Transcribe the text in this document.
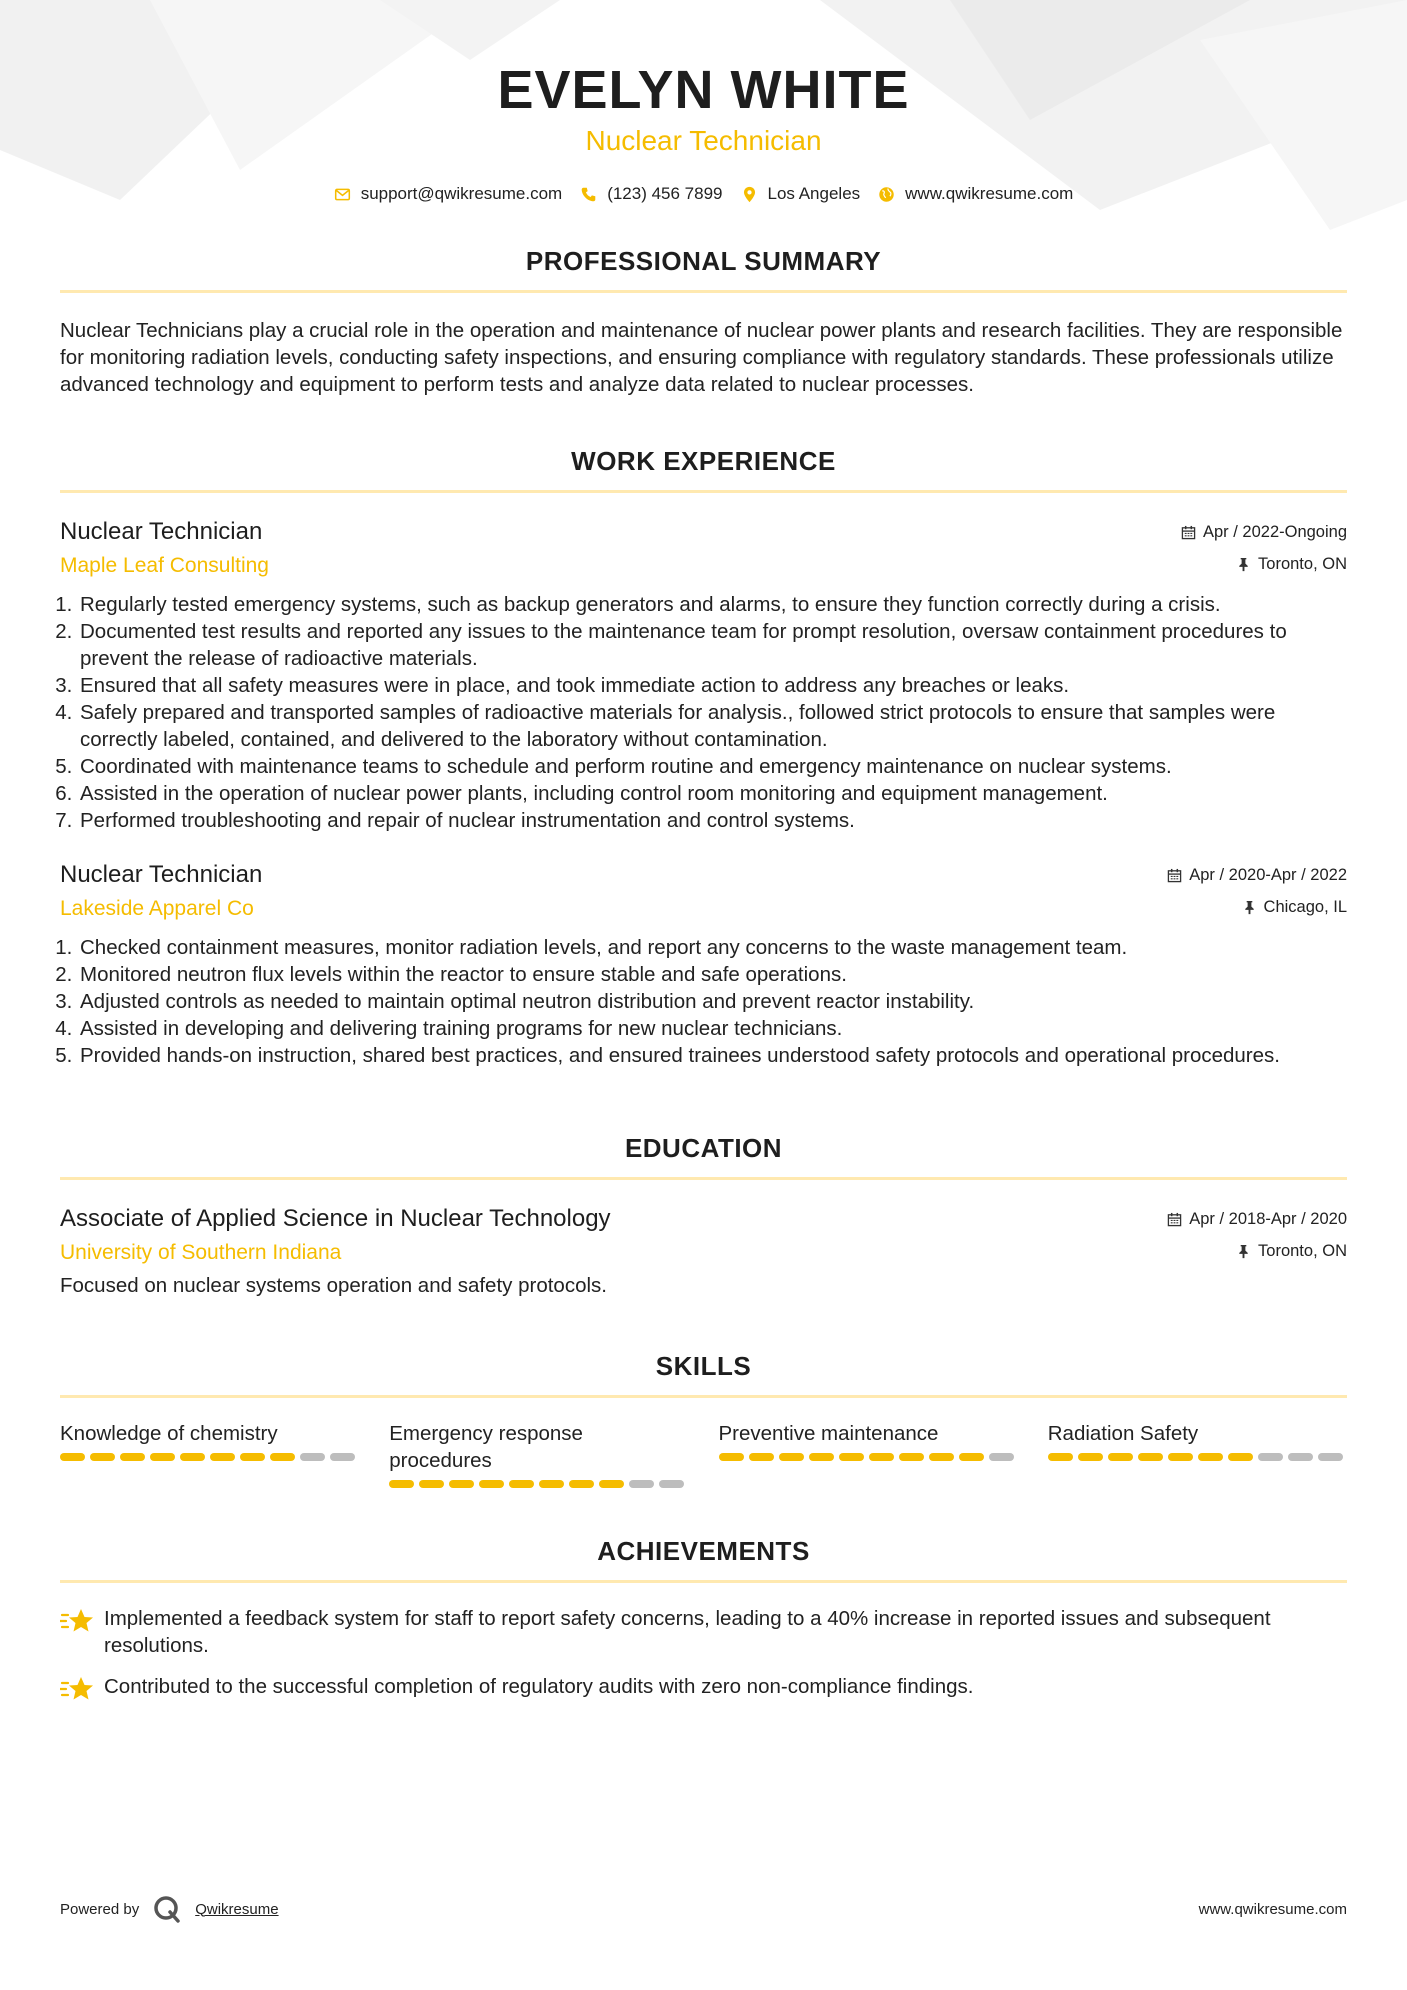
EVELYN WHITE
Nuclear Technician
support@qwikresume.com	(123) 456 7899	Los Angeles	www.qwikresume.com
PROFESSIONAL SUMMARY

Nuclear Technicians play a crucial role in the operation and maintenance of nuclear power plants and research facilities. They are responsible for monitoring radiation levels, conducting safety inspections, and ensuring compliance with regulatory standards. These professionals utilize advanced technology and equipment to perform tests and analyze data related to nuclear processes.

WORK EXPERIENCE
Nuclear Technician
Maple Leaf Consulting
Apr / 2022-Ongoing
Toronto, ON
1. Regularly tested emergency systems, such as backup generators and alarms, to ensure they function correctly during a crisis.
2. Documented test results and reported any issues to the maintenance team for prompt resolution, oversaw containment procedures to prevent the release of radioactive materials.
3. Ensured that all safety measures were in place, and took immediate action to address any breaches or leaks.
4. Safely prepared and transported samples of radioactive materials for analysis., followed strict protocols to ensure that samples were correctly labeled, contained, and delivered to the laboratory without contamination.
5. Coordinated with maintenance teams to schedule and perform routine and emergency maintenance on nuclear systems.
6. Assisted in the operation of nuclear power plants, including control room monitoring and equipment management.
7. Performed troubleshooting and repair of nuclear instrumentation and control systems.
Nuclear Technician
Lakeside Apparel Co
Apr / 2020-Apr / 2022
Chicago, IL
1. Checked containment measures, monitor radiation levels, and report any concerns to the waste management team.
2. Monitored neutron flux levels within the reactor to ensure stable and safe operations.
3. Adjusted controls as needed to maintain optimal neutron distribution and prevent reactor instability.
4. Assisted in developing and delivering training programs for new nuclear technicians.
5. Provided hands-on instruction, shared best practices, and ensured trainees understood safety protocols and operational procedures.
EDUCATION
Associate of Applied Science in Nuclear Technology
University of Southern Indiana
Apr / 2018-Apr / 2020
Toronto, ON
Focused on nuclear systems operation and safety protocols.
SKILLS
Knowledge of chemistry	Emergency response procedures
Preventive maintenance	Radiation Safety
ACHIEVEMENTS
Implemented a feedback system for staff to report safety concerns, leading to a 40% increase in reported issues and subsequent resolutions.
Contributed to the successful completion of regulatory audits with zero non-compliance findings.
Powered by	Qwikresume	www.qwikresume.com
